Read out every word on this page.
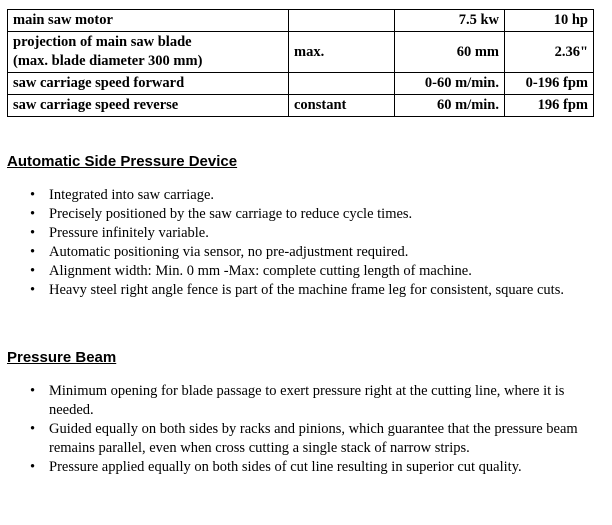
main saw motor		7.5 kw	10 hp
projection of main saw blade
(max. blade diameter 300 mm)	max.	60 mm	2.36"
saw carriage speed forward		0-60 m/min.	0-196 fpm
saw carriage speed reverse	constant	60 m/min.	196 fpm
Automatic Side Pressure Device
• Integrated into saw carriage.
• Precisely positioned by the saw carriage to reduce cycle times.
• Pressure infinitely variable.
• Automatic positioning via sensor, no pre-adjustment required.
• Alignment width: Min. 0 mm -Max: complete cutting length of machine.
• Heavy steel right angle fence is part of the machine frame leg for consistent, square cuts.
Pressure Beam
• Minimum opening for blade passage to exert pressure right at the cutting line, where it is needed.
• Guided equally on both sides by racks and pinions, which guarantee that the pressure beam remains parallel, even when cross cutting a single stack of narrow strips.
• Pressure applied equally on both sides of cut line resulting in superior cut quality.
